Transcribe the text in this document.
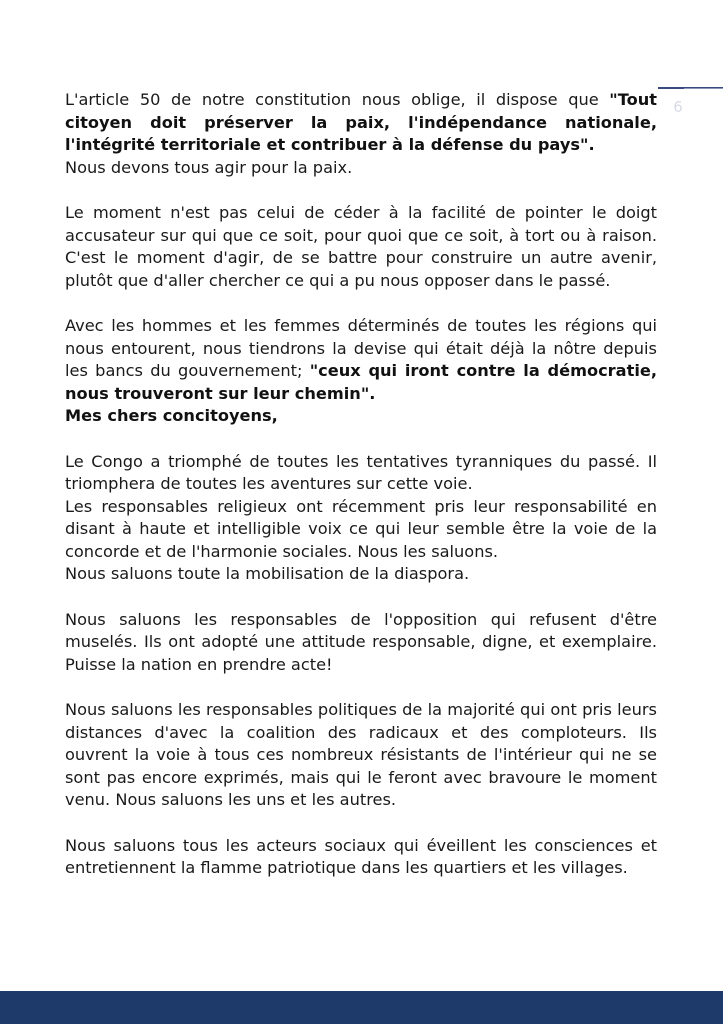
6

L'article 50 de notre constitution nous oblige, il dispose que "Tout citoyen doit préserver la paix, l'indépendance nationale, l'intégrité territoriale et contribuer à la défense du pays".

Nous devons tous agir pour la paix.

Le moment n'est pas celui de céder à la facilité de pointer le doigt accusateur sur qui que ce soit, pour quoi que ce soit, à tort ou à raison. C'est le moment d'agir, de se battre pour construire un autre avenir, plutôt que d'aller chercher ce qui a pu nous opposer dans le passé.

Avec les hommes et les femmes déterminés de toutes les régions qui nous entourent, nous tiendrons la devise qui était déjà la nôtre depuis les bancs du gouvernement; "ceux qui iront contre la démocratie, nous trouveront sur leur chemin".

Mes chers concitoyens,

Le Congo a triomphé de toutes les tentatives tyranniques du passé. Il triomphera de toutes les aventures sur cette voie.

Les responsables religieux ont récemment pris leur responsabilité en disant à haute et intelligible voix ce qui leur semble être la voie de la concorde et de l'harmonie sociales. Nous les saluons.

Nous saluons toute la mobilisation de la diaspora.

Nous saluons les responsables de l'opposition qui refusent d'être muselés. Ils ont adopté une attitude responsable, digne, et exemplaire. Puisse la nation en prendre acte!

Nous saluons les responsables politiques de la majorité qui ont pris leurs distances d'avec la coalition des radicaux et des comploteurs. Ils ouvrent la voie à tous ces nombreux résistants de l'intérieur qui ne se sont pas encore exprimés, mais qui le feront avec bravoure le moment venu. Nous saluons les uns et les autres.

Nous saluons tous les acteurs sociaux qui éveillent les consciences et entretiennent la flamme patriotique dans les quartiers et les villages.
